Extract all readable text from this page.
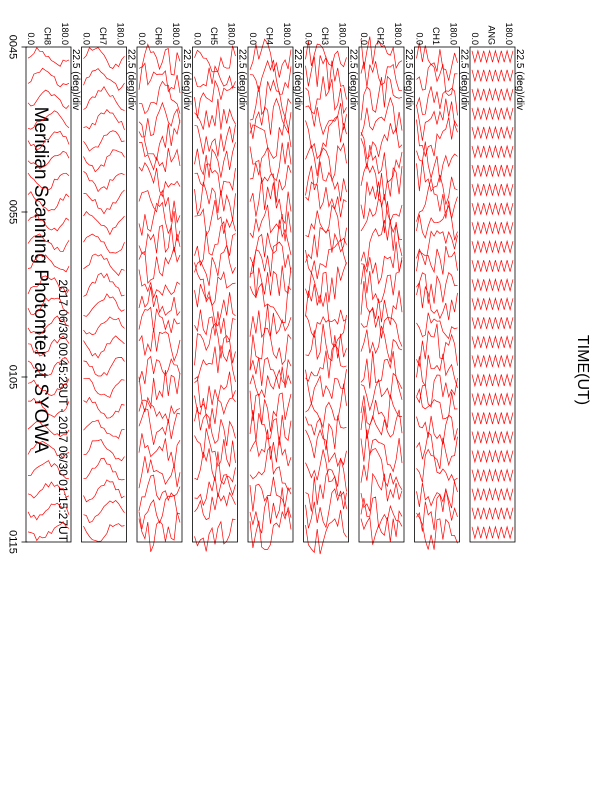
Meridian Scanning Photomter at SYOWA 2017 06/30 00:45:28UT - 2017 06/30 01:15:27UT	TIME(UT)
22.5 (deg)/div
180.0
0.0 ANG
22.5 (deg)/div
180.0
0.0 CH1
22.5 (deg)/div
180.0
0.0 CH2
22.5 (deg)/div
180.0
0.0 CH3
22.5 (deg)/div
180.0
0.0 CH4
22.5 (deg)/div
180.0
0.0 CH5
22.5 (deg)/div
180.0
0.0 CH6
22.5 (deg)/div
180.0
0.0 CH7
22.5 (deg)/div
180.0
0.0 CH8
0045
0055
0105
0115
